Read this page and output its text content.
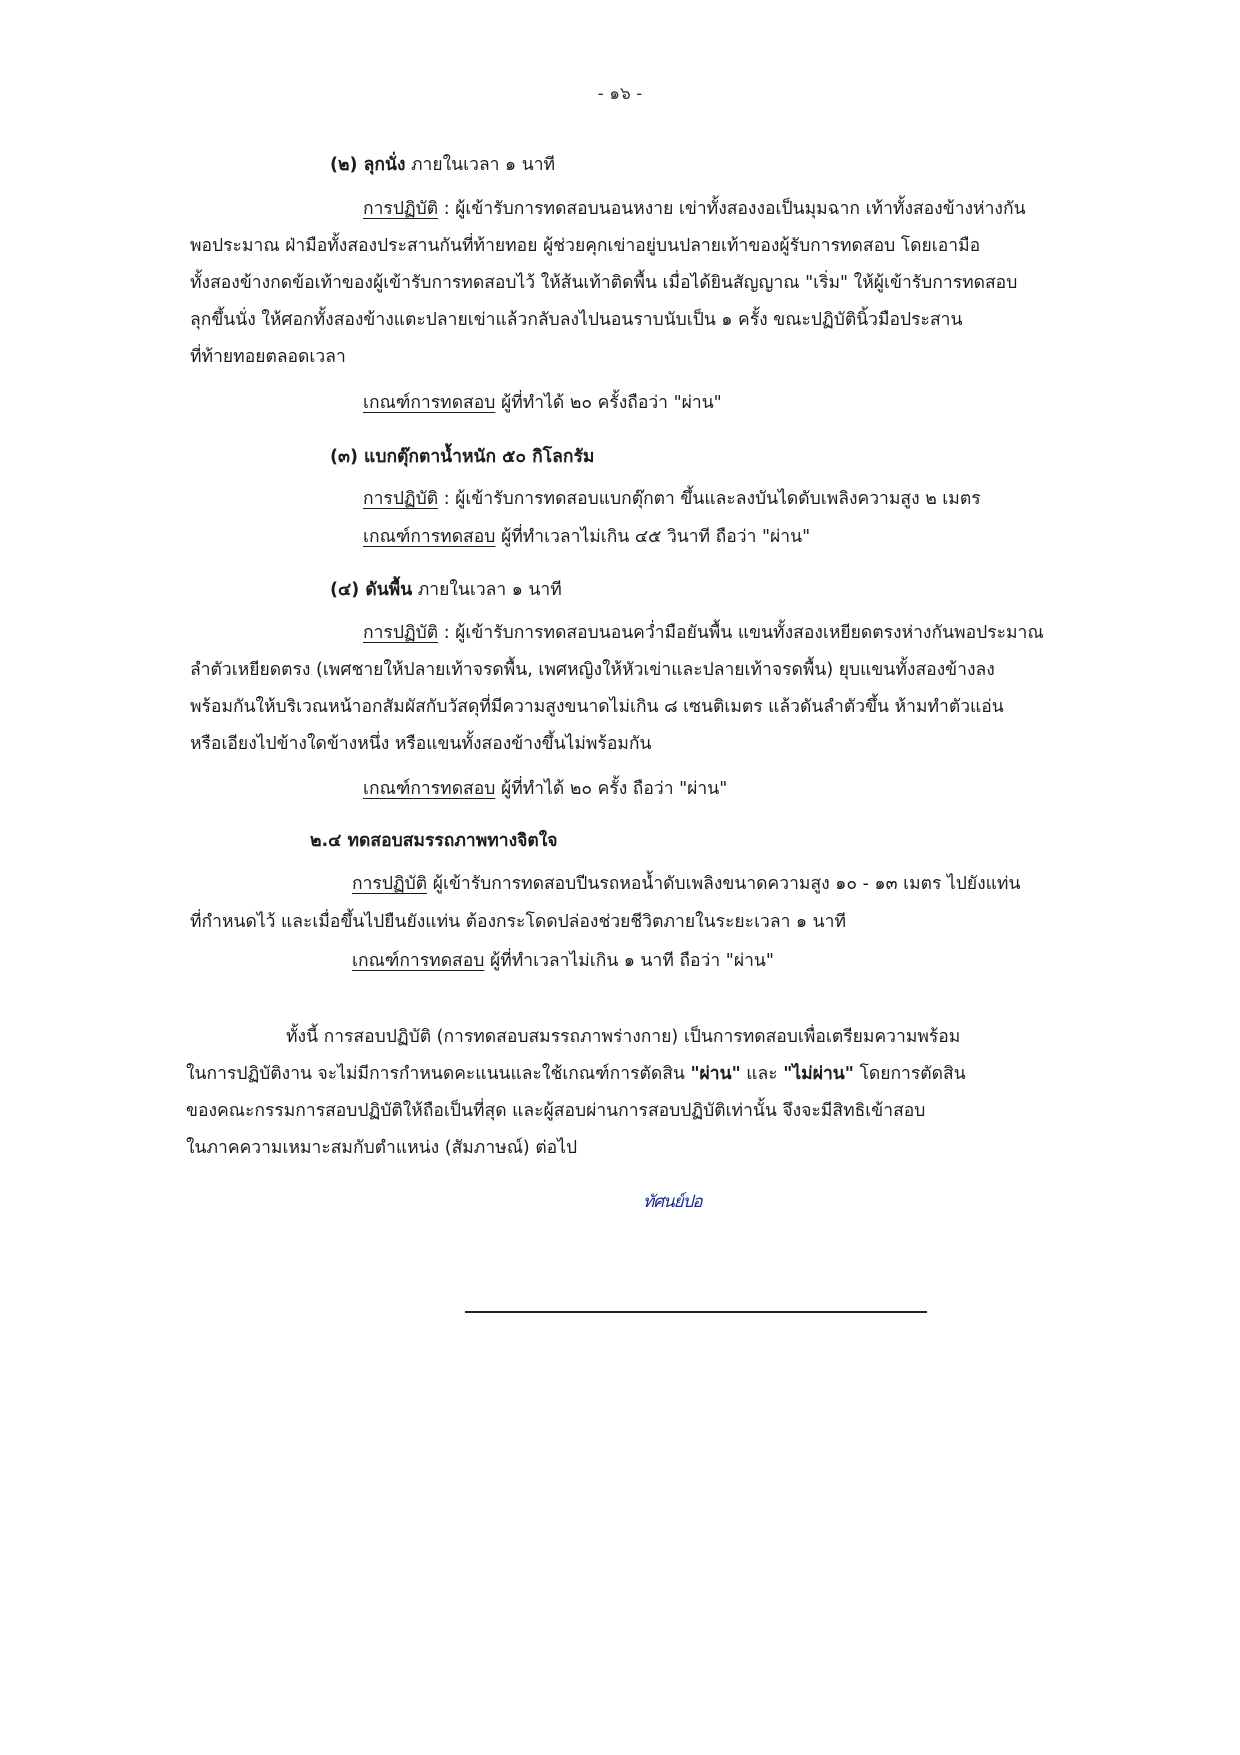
- ๑๖ -
(๒) ลุกนั่ง ภายในเวลา ๑ นาที
การปฏิบัติ : ผู้เข้ารับการทดสอบนอนหงาย เข่าทั้งสองงอเป็นมุมฉาก เท้าทั้งสองข้างห่างกัน
พอประมาณ ฝ่ามือทั้งสองประสานกันที่ท้ายทอย ผู้ช่วยคุกเข่าอยู่บนปลายเท้าของผู้รับการทดสอบ โดยเอามือ
ทั้งสองข้างกดข้อเท้าของผู้เข้ารับการทดสอบไว้ ให้ส้นเท้าติดพื้น เมื่อได้ยินสัญญาณ "เริ่ม" ให้ผู้เข้ารับการทดสอบ
ลุกขึ้นนั่ง ให้ศอกทั้งสองข้างแตะปลายเข่าแล้วกลับลงไปนอนราบนับเป็น ๑ ครั้ง ขณะปฏิบัตินิ้วมือประสาน
ที่ท้ายทอยตลอดเวลา
เกณฑ์การทดสอบ ผู้ที่ทำได้ ๒๐ ครั้งถือว่า "ผ่าน"
(๓) แบกตุ๊กตาน้ำหนัก ๕๐ กิโลกรัม
การปฏิบัติ : ผู้เข้ารับการทดสอบแบกตุ๊กตา ขึ้นและลงบันไดดับเพลิงความสูง ๒ เมตร
เกณฑ์การทดสอบ ผู้ที่ทำเวลาไม่เกิน ๔๕ วินาที ถือว่า "ผ่าน"
(๔) ดันพื้น ภายในเวลา ๑ นาที
การปฏิบัติ : ผู้เข้ารับการทดสอบนอนคว่ำมือยันพื้น แขนทั้งสองเหยียดตรงห่างกันพอประมาณ
ลำตัวเหยียดตรง (เพศชายให้ปลายเท้าจรดพื้น, เพศหญิงให้หัวเข่าและปลายเท้าจรดพื้น) ยุบแขนทั้งสองข้างลง
พร้อมกันให้บริเวณหน้าอกสัมผัสกับวัสดุที่มีความสูงขนาดไม่เกิน ๘ เซนติเมตร แล้วดันลำตัวขึ้น ห้ามทำตัวแอ่น
หรือเอียงไปข้างใดข้างหนึ่ง หรือแขนทั้งสองข้างขึ้นไม่พร้อมกัน
เกณฑ์การทดสอบ ผู้ที่ทำได้ ๒๐ ครั้ง ถือว่า "ผ่าน"
๒.๔ ทดสอบสมรรถภาพทางจิตใจ
การปฏิบัติ ผู้เข้ารับการทดสอบปีนรถหอน้ำดับเพลิงขนาดความสูง ๑๐ - ๑๓ เมตร ไปยังแท่น
ที่กำหนดไว้ และเมื่อขึ้นไปยืนยังแท่น ต้องกระโดดปล่องช่วยชีวิตภายในระยะเวลา ๑ นาที
เกณฑ์การทดสอบ ผู้ที่ทำเวลาไม่เกิน ๑ นาที ถือว่า "ผ่าน"
ทั้งนี้ การสอบปฏิบัติ (การทดสอบสมรรถภาพร่างกาย) เป็นการทดสอบเพื่อเตรียมความพร้อม
ในการปฏิบัติงาน จะไม่มีการกำหนดคะแนนและใช้เกณฑ์การตัดสิน "ผ่าน" และ "ไม่ผ่าน" โดยการตัดสิน
ของคณะกรรมการสอบปฏิบัติให้ถือเป็นที่สุด และผู้สอบผ่านการสอบปฏิบัติเท่านั้น จึงจะมีสิทธิเข้าสอบ
ในภาคความเหมาะสมกับตำแหน่ง (สัมภาษณ์) ต่อไป
ทัศนย์ปอ
